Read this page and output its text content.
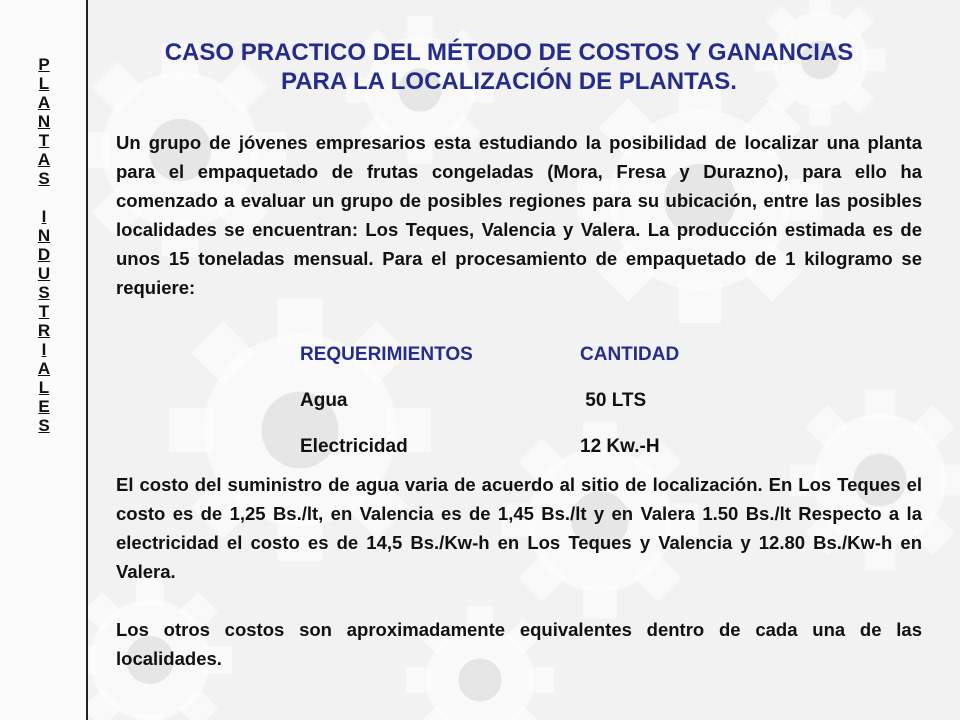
P
L
A
N
T
A
S
I
N
D
U
S
T
R
I
A
L
E
S
CASO PRACTICO DEL MÉTODO DE COSTOS Y GANANCIAS
PARA LA LOCALIZACIÓN DE PLANTAS.

Un grupo de jóvenes empresarios esta estudiando la posibilidad de localizar una planta para el empaquetado de frutas congeladas (Mora, Fresa y Durazno), para ello ha comenzado a evaluar un grupo de posibles regiones para su ubicación, entre las posibles localidades se encuentran: Los Teques, Valencia y Valera. La producción estimada es de unos 15 toneladas mensual. Para el procesamiento de empaquetado de 1 kilogramo se requiere:

REQUERIMIENTOS	CANTIDAD
Agua	50 LTS
Electricidad	12 Kw.-H

El costo del suministro de agua varia de acuerdo al sitio de localización. En Los Teques el costo es de 1,25 Bs./lt, en Valencia es de 1,45 Bs./lt y en Valera 1.50 Bs./lt Respecto a la electricidad el costo es de 14,5 Bs./Kw-h en Los Teques y Valencia y 12.80 Bs./Kw-h en Valera.

Los otros costos son aproximadamente equivalentes dentro de cada una de las localidades.
